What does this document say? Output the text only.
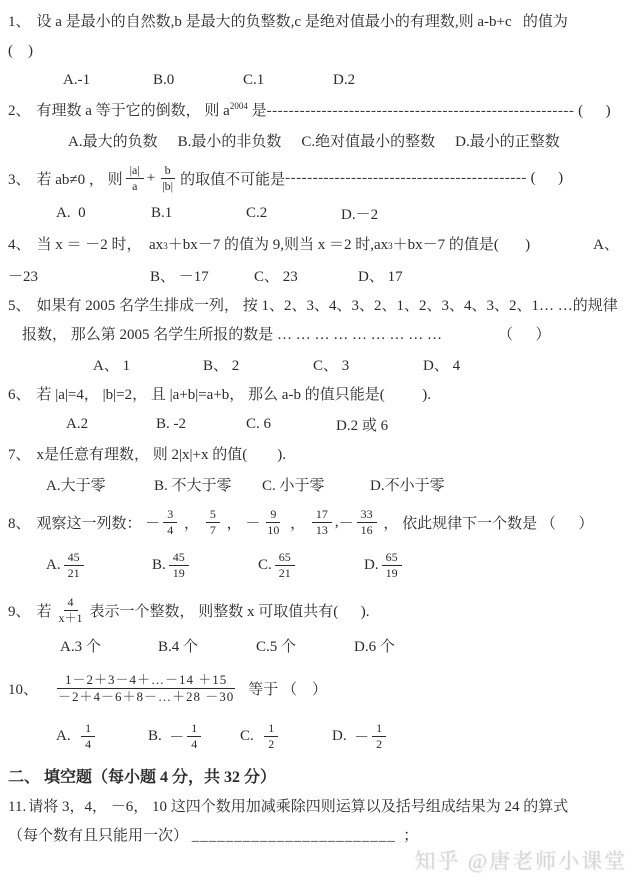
1、 设 a 是最小的自然数,b 是最大的负整数,c 是绝对值最小的有理数,则 a-b+c   的值为
(    )
A.-1	B.0	C.1	D.2
2、 有理数 a 等于它的倒数， 则 $a^{2004}$ 是-------------------------------------------------------- (      )
A.最大的负数 B.最小的非负数 C.绝对值最小的整数 D.最小的正整数
3、 若 ab≠0 ， 则 $\frac{|a|}{a} + \frac{b}{|b|}$ 的取值不可能是 -------------------------------------------- (      )
A.  0	B.1	C.2	D.－2
4、 当 x ＝ －2 时，  ax 3 ＋bx－7 的值为 9,则当 x ＝2 时,ax 3 ＋bx－7 的值是(       )	A、
－23	B、 －17	C、 23	D、 17
5、 如果有 2005 名学生排成一列， 按 1、2、3、4、3、2、1、2、3、4、3、2、1… …的规律
报数， 那么第 2005 名学生所报的数是 … … … … … … … … …	（      ）
A、 1	B、 2	C、 3	D、 4
6、 若 |a|=4， |b|=2， 且 |a+b|=a+b， 那么 a-b 的值只能是(          ).
A.2	B. -2	C. 6	D.2 或 6
7、 x是任意有理数， 则 2|x|+x 的值(        ).
A.大于零	B. 不大于零	C. 小于零	D.不小于零
8、 观察这一列数： － $\frac{3}{4}$ ， $\frac{5}{7}$ ， － $\frac{9}{10}$ ， $\frac{17}{13}$ , － $\frac{33}{16}$ ， 依此规律下一个数是 （      ）
A. $\frac{45}{21}$	B. $\frac{45}{19}$	C. $\frac{65}{21}$	D. $\frac{65}{19}$
9、 若 $\frac{4}{x+1}$ 表示一个整数， 则整数 x 可取值共有(      ).
A.3 个	B.4 个	C.5 个	D.6 个
10、 $\frac{1-2+3-4+\dots-14 +15}{-2+4-6+8-\dots+28 -30}$ 等于 （    ）
A. $\frac{1}{4}$	B. － $\frac{1}{4}$	C. $\frac{1}{2}$	D. － $\frac{1}{2}$
二、 填空题（每小题 4 分，共 32 分）
11. 请将 3，4， －6， 10 这四个数用加减乘除四则运算以及括号组成结果为 24 的算式
（每个数有且只能用一次） ________________________  ；
知乎 @唐老师小课堂
